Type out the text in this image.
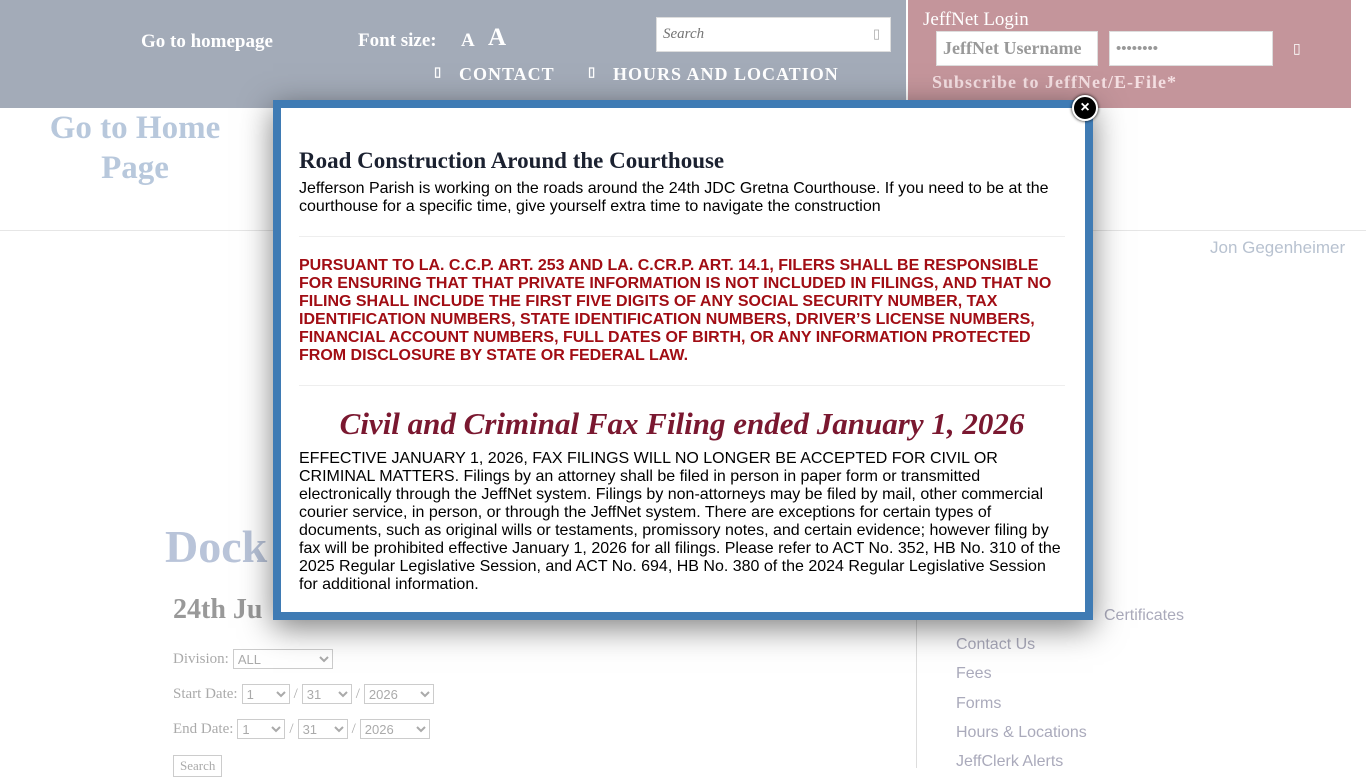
Go to homepage	Font size: A A
Search	▯
▯ CONTACT	▯ HOURS AND LOCATION
JeffNet Login
JeffNet Username
••••••••
▯
Subscribe to JeffNet/E-File*
Go to Home Page
Jon Gegenheimer
Dock
24th Ju
Division:
ALL
Start Date:
1	/
31	/
2026
End Date:
1	/
31	/
2026
Search
Certificates
Contact Us
Fees
Forms
Hours & Locations
JeffClerk Alerts
Road Construction Around the Courthouse

Jefferson Parish is working on the roads around the 24th JDC Gretna Courthouse. If you need to be at the courthouse for a specific time, give yourself extra time to navigate the construction

PURSUANT TO LA. C.C.P. ART. 253 AND LA. C.CR.P. ART. 14.1, FILERS SHALL BE RESPONSIBLE FOR ENSURING THAT THAT PRIVATE INFORMATION IS NOT INCLUDED IN FILINGS, AND THAT NO FILING SHALL INCLUDE THE FIRST FIVE DIGITS OF ANY SOCIAL SECURITY NUMBER, TAX IDENTIFICATION NUMBERS, STATE IDENTIFICATION NUMBERS, DRIVER’S LICENSE NUMBERS, FINANCIAL ACCOUNT NUMBERS, FULL DATES OF BIRTH, OR ANY INFORMATION PROTECTED FROM DISCLOSURE BY STATE OR FEDERAL LAW.

Civil and Criminal Fax Filing ended January 1, 2026

EFFECTIVE JANUARY 1, 2026, FAX FILINGS WILL NO LONGER BE ACCEPTED FOR CIVIL OR CRIMINAL MATTERS. Filings by an attorney shall be filed in person in paper form or transmitted electronically through the JeffNet system. Filings by non-attorneys may be filed by mail, other commercial courier service, in person, or through the JeffNet system. There are exceptions for certain types of documents, such as original wills or testaments, promissory notes, and certain evidence; however filing by fax will be prohibited effective January 1, 2026 for all filings. Please refer to ACT No. 352, HB No. 310 of the 2025 Regular Legislative Session, and ACT No. 694, HB No. 380 of the 2024 Regular Legislative Session for additional information.

×
